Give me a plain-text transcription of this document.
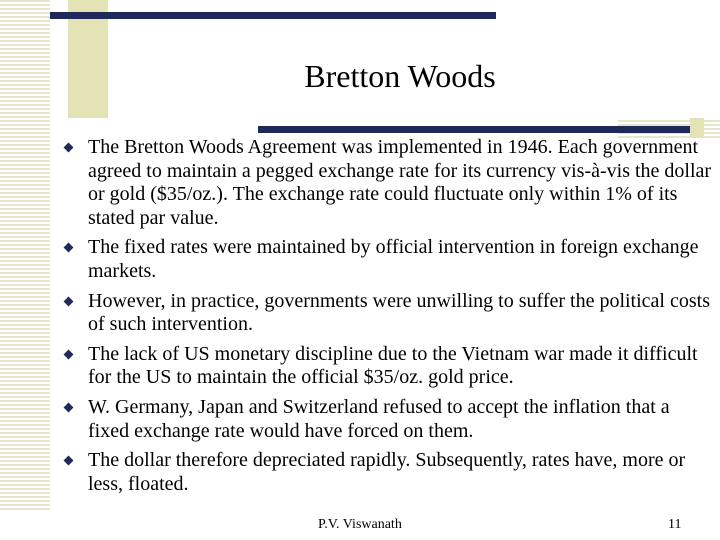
Bretton Woods
The Bretton Woods Agreement was implemented in 1946. Each government agreed to maintain a pegged exchange rate for its currency vis-à-vis the dollar or gold ($35/oz.). The exchange rate could fluctuate only within 1% of its stated par value.
The fixed rates were maintained by official intervention in foreign exchange markets.
However, in practice, governments were unwilling to suffer the political costs of such intervention.
The lack of US monetary discipline due to the Vietnam war made it difficult for the US to maintain the official $35/oz. gold price.
W. Germany, Japan and Switzerland refused to accept the inflation that a fixed exchange rate would have forced on them.
The dollar therefore depreciated rapidly. Subsequently, rates have, more or less, floated.
P.V. Viswanath	11
